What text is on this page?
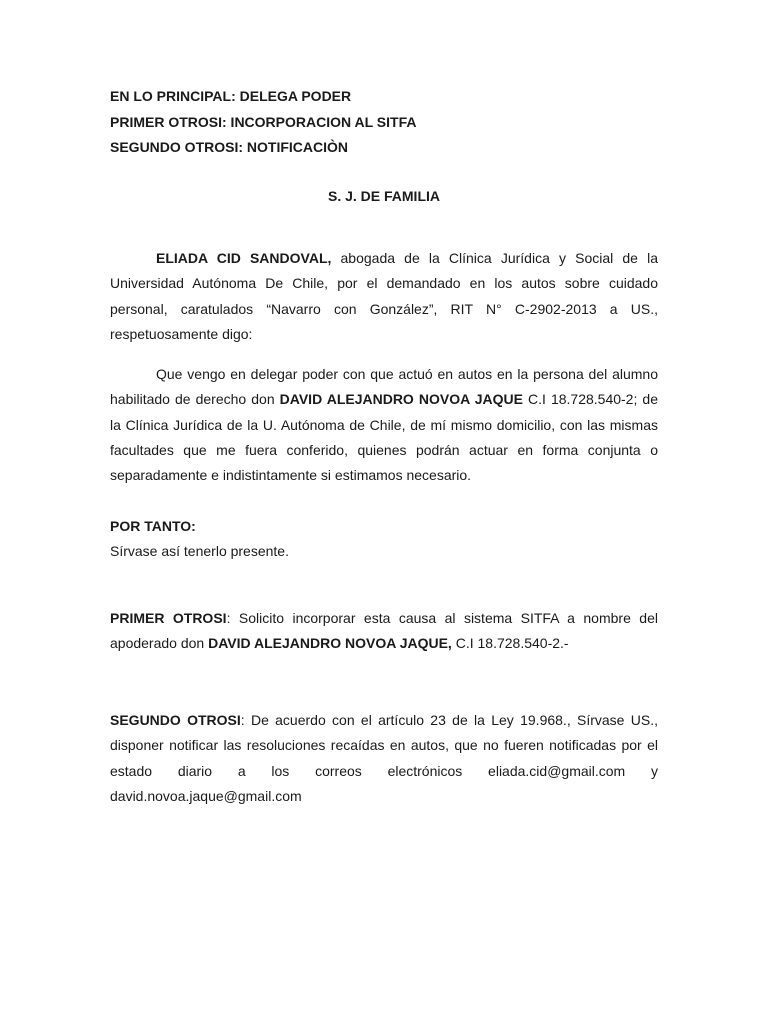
EN LO PRINCIPAL: DELEGA PODER
PRIMER OTROSI: INCORPORACION AL SITFA
SEGUNDO OTROSI: NOTIFICACIÒN
S. J. DE FAMILIA
ELIADA CID SANDOVAL, abogada de la Clínica Jurídica y Social de la Universidad Autónoma De Chile, por el demandado en los autos sobre cuidado personal, caratulados “Navarro con González”, RIT N° C-2902-2013 a US., respetuosamente digo:
Que vengo en delegar poder con que actuó en autos en la persona del alumno habilitado de derecho don DAVID ALEJANDRO NOVOA JAQUE C.I 18.728.540-2; de la Clínica Jurídica de la U. Autónoma de Chile, de mí mismo domicilio, con las mismas facultades que me fuera conferido, quienes podrán actuar en forma conjunta o separadamente e indistintamente si estimamos necesario.
POR TANTO:
Sírvase así tenerlo presente.
PRIMER OTROSI: Solicito incorporar esta causa al sistema SITFA a nombre del apoderado don DAVID ALEJANDRO NOVOA JAQUE, C.I 18.728.540-2.-
SEGUNDO OTROSI: De acuerdo con el artículo 23 de la Ley 19.968., Sírvase US., disponer notificar las resoluciones recaídas en autos, que no fueren notificadas por el estado diario a los correos electrónicos eliada.cid@gmail.com y david.novoa.jaque@gmail.com
